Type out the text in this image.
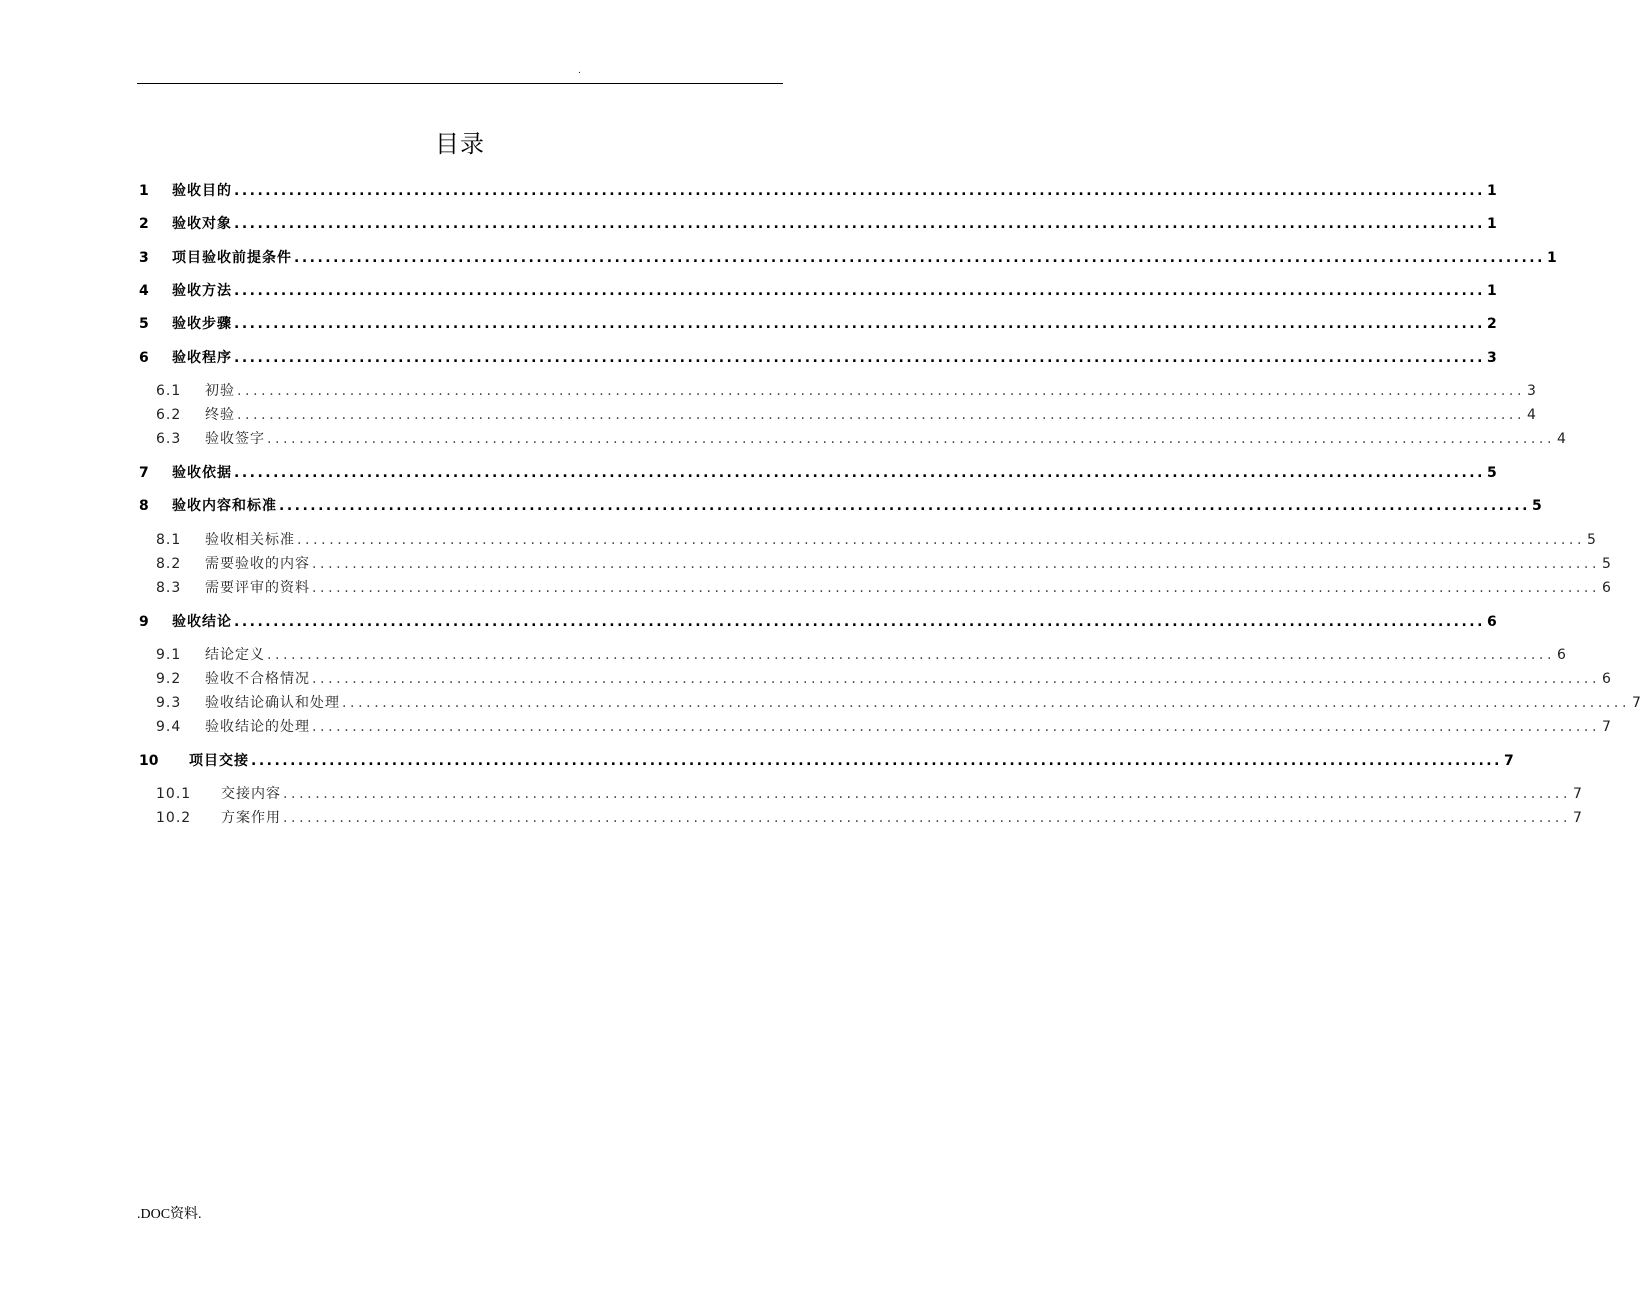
.
目录
1	验收目的 ................................................................................................................................................................ 1
2	验收对象 ................................................................................................................................................................ 1
3	项目验收前提条件 ................................................................................................................................................................ 1
4	验收方法 ................................................................................................................................................................ 1
5	验收步骤 ................................................................................................................................................................ 2
6	验收程序 ................................................................................................................................................................ 3
6.1	初验 ................................................................................................................................................................ 3
6.2	终验 ................................................................................................................................................................ 4
6.3	验收签字 ................................................................................................................................................................ 4
7	验收依据 ................................................................................................................................................................ 5
8	验收内容和标准 ................................................................................................................................................................ 5
8.1	验收相关标准 ................................................................................................................................................................ 5
8.2	需要验收的内容 ................................................................................................................................................................ 5
8.3	需要评审的资料 ................................................................................................................................................................ 6
9	验收结论 ................................................................................................................................................................ 6
9.1	结论定义 ................................................................................................................................................................ 6
9.2	验收不合格情况 ................................................................................................................................................................ 6
9.3	验收结论确认和处理 ................................................................................................................................................................ 7
9.4	验收结论的处理 ................................................................................................................................................................ 7
10	项目交接 ................................................................................................................................................................ 7
10.1	交接内容 ................................................................................................................................................................ 7
10.2	方案作用 ................................................................................................................................................................ 7
.DOC资料.
